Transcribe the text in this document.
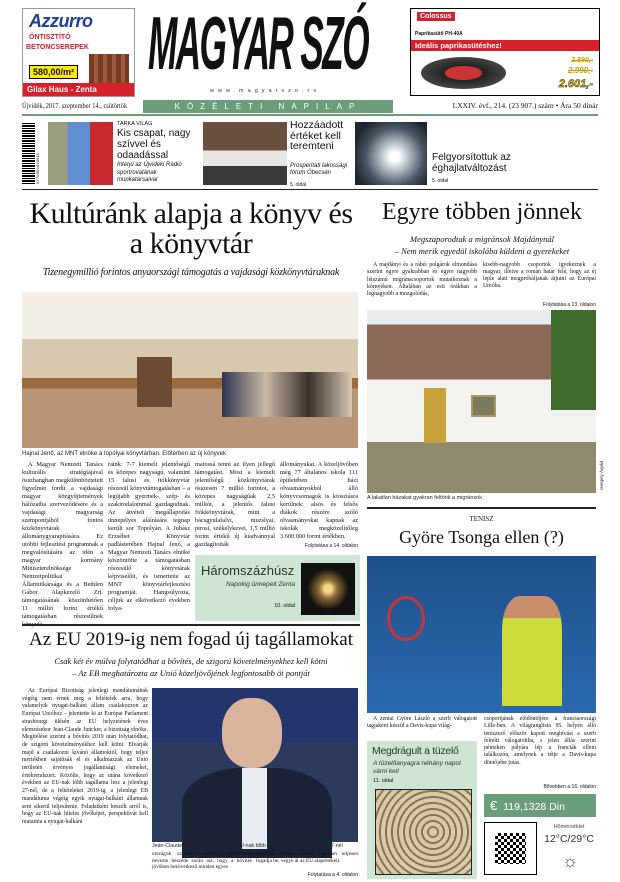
Azzurro
ÖNTISZTÍTÓ
BETONCSEREPEK
580,00/m²
Gilax Haus - Zenta
MAGYAR SZÓ
www.magyarszo.rs
Colossus
Paprikasütő PH-40A
Ideális paprikasütéshez!
2.890,-
2.990,-
2.601,-
Újvidék, 2017. szeptember 14., csütörtök	KÖZÉLETI NAPILAP	LXXIV. évf., 214. (23 907.) szám • Ára 50 dinár
9770350418015
TARKA VILÁG
Kis csapat, nagy szívvel és odaadással
Interjú az Újvidéki Rádió sportrovatának munkatársaival
Hozzáadott értéket kell teremteni
Prosperitati lakossági fórum Óbecsén
5. oldal
Felgyorsítottuk az éghajlatváltozást
5. oldal
Kultúránk alapja a könyv és a könyvtár
Tizenegymillió forintos anyaországi támogatás a vajdasági közkönyvtáraknak
Hajnal Jenő, az MNT elnöke a topolyai könyvtárban. Előtérben az új könyvek
A Magyar Nemzeti Tanács kulturális stratégiájával összhangban megkülönböztetett figyelmet fordít a vajdasági magyar közgyűjtemények hálózatba szerveződésére és a vajdasági magyarság szempontjából fontos közkönyvtárak állománygyarapítására. Ez utóbbi fejlesztési programnak a megvalósítására az idén a magyar kormány Miniszterelnöksége Nemzetpolitikai Államtitkársága és a Bethlen Gábor Alapkezelő Zrt. támogatásának köszönhetően 11 millió forint értékű támogatásban részesülnek
raink: 7-7 kiemelt jelentőségű és közepes nagyságú, valamint 15 falusi és fiókkönyvtár részesül könyvtámogatásban – a legújabb gyermek-, szép- és szakirodalommal gazdagodnak. Az átvételi megállapodás ünnepélyes aláírására tegnap került sor Topolyán. A Juhász Erzsébet Könyvtár padlásterében Hajnal Jenő, a Magyar Nemzeti Tanács elnöke köszöntötte a támogatásban részesülő könyvtárak képviselőit, és ismertette az MNT könyvtárfejlesztési programját. Hangsúlyozta, céljuk az elkövetkező években folya-
matossá tenni az ilyen jellegű támogatást. Most a kiemelt jelentőségű közkönyvtárak összesen 7 millió forintot, a közepes nagyságúak 2,5 milliót, a jelentős falusi fiókkönyvtárak, mint a bácsgyulafalvi, muzslyai, pirosi, székelykevei, 1,5 millió forint értékű új kiadvánnyal gazdagították
állományukat. A közeljövőben még 77 általános iskola 111 épületében házi olvasmányokból álló könyvcsomagok is kiosztásra kerülnek: alsós és felsős diákok részére szóló olvasmányokat kapnak az iskolák megközelítőleg 3.600.000 forint értékben.
Folytatása a 14. oldalon
Háromszázhúsz
Napokig ünnepelt Zenta
10. oldal
Az EU 2019-ig nem fogad új tagállamokat
Csak két év múlva folytatódhat a bővítés, de szigorú követelményekhez kell kötni
– Az EB meghatározta az Unió közeljövőjének legfontosabb öt pontját
Az Európai Bizottság jelenlegi mandátumának végéig nem érnek meg a feltételek arra, hogy valamelyik nyugat-balkáni állam csatlakozzon az Európai Unióhoz – jelentette ki az Európai Parlament strasbourgi ülésén az EU helyzetének éves elemzésekor Jean-Claude Juncker, a bizottság elnöke. Megítélése szerint a bővítés 2019 után folytatódhat, de szigorú követelményekhez kell kötni. Elvárják majd a csatlakozni kívánó államoktól, hogy teljes mértékben sajátítsák el és alkalmazzák az Unió területén érvényes jogállamisági elemeket, értékrendszert. Közölte, hogy az utána következő években az EU-nak több tagállama lesz a jelenlegi 27-nél, de a feltételeket 2019-ig, a jelenlegi EB mandátuma végéig egyik nyugat-balkáni államnak sem sikerül teljesítenie. Feladatként beszélt arról is, hogy az EU-nak hiteles jövőképet, perspektívát kell mutatnia a nyugat-balkáni
Jean-Claude Juncker: A jövőben az EU-nak több tagállama lesz a jelenlegi 27-nél
országok számára. Abszolút prioritásnak nevezte beszéde során azt, hogy a bővítés jövőben bekövetkező minden egyes
esetében minden leendő tagállam teljesen fogadja be, vegye át az EU alapértékeit.
Folytatása a 4. oldalon
Egyre többen jönnek
Megszaporodtak a migránsok Majdánynál
– Nem merik egyedül iskolába küldeni a gyerekeket
A majdányi és a rábéi polgárok elmondása szerint egyre gyakrabban és egyre nagyobb létszámú migránscsoportok mutatkoznak a környéken. Általában az esti órákban a legnagyobb a mozgolódás,
kisebb-nagyobb csoportok igyekeznek a magyar, illetve a román határ felé, hogy az éj leple alatt megpróbáljanak átjutni az Európai Unióba.
Folytatása a 13. oldalon
A lakatlan házakat gyakran feltörik a migránsok
Gergely Árpád
TENISZ
Györe Tsonga ellen (?)
A zentai Györe László a szerb válogatott tagjaként készül a Davis-kupa világ-
csoportjának elődöntőjére a franciaországi Lille-ben. A világranglista 95. helyén álló teniszező először kapott meghívást a szerb felnőtt válogatottba, s jelen állás szerint pénteken pályára lép a franciák elleni találkozón, amelynek a tétje a Davis-kupa döntőjébe jutás.
Bővebben a 16. oldalon
Megdrágult a tüzelő
A tüzelőanyagra néhány napot várni kell
11. oldal
€ 119,1328 Din
Hőmérséklet
12°C/29°C
☼
